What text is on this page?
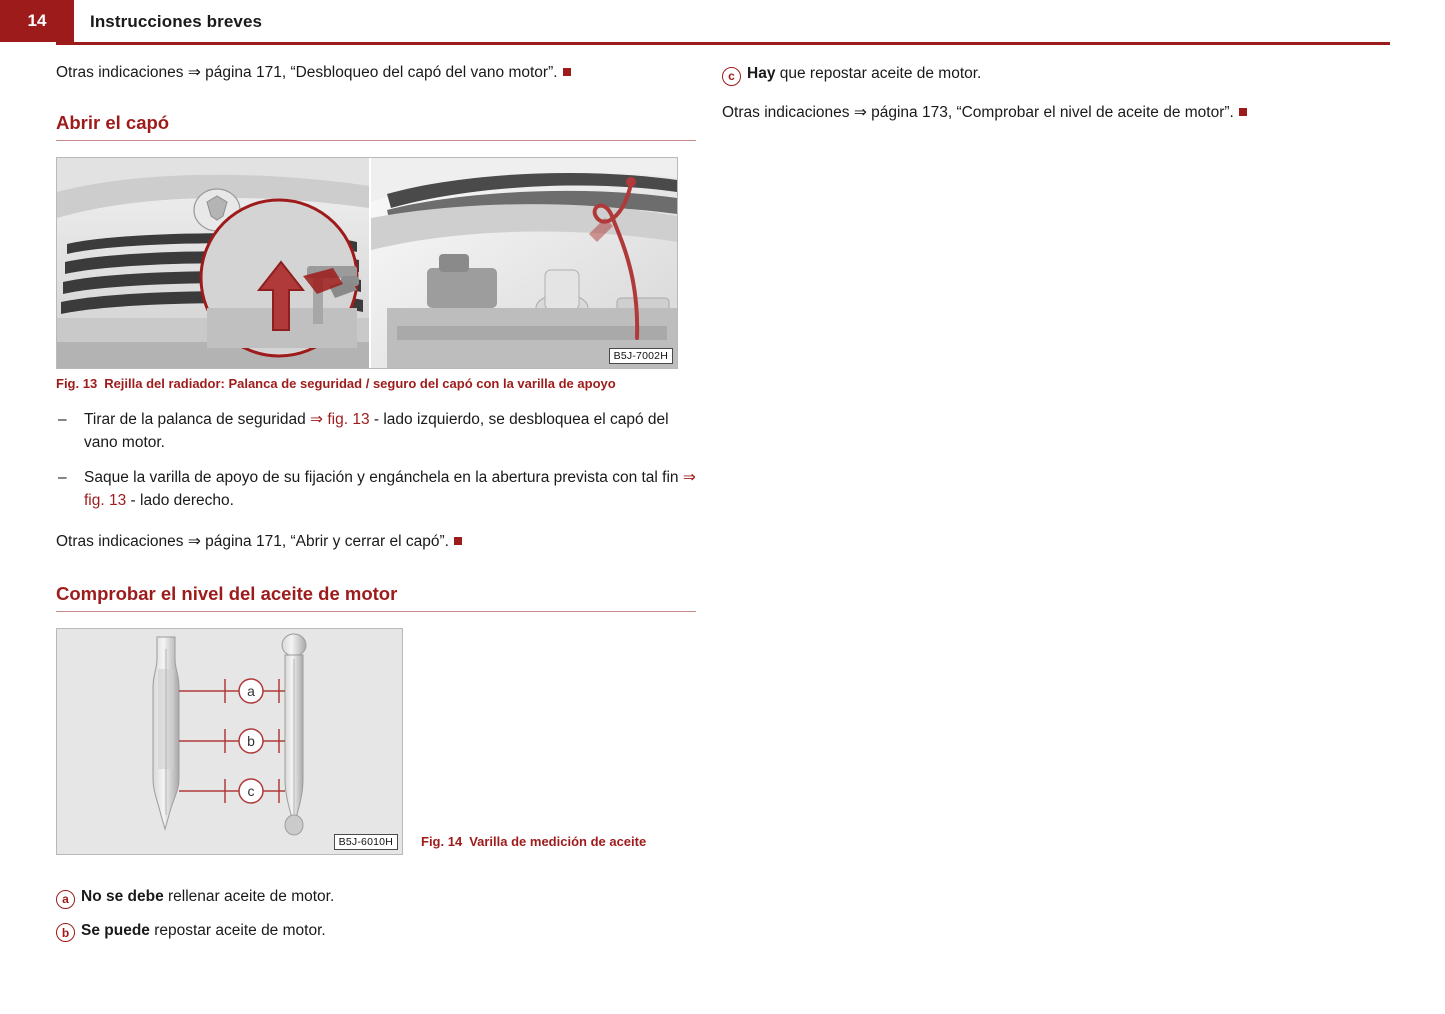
14	Instrucciones breves

Otras indicaciones ⇒ página 171, “Desbloqueo del capó del vano motor”.

Abrir el capó
B5J-7002H
Fig. 13 Rejilla del radiador: Palanca de seguridad / seguro del capó con la varilla de apoyo
– Tirar de la palanca de seguridad ⇒ fig. 13 - lado izquierdo, se desbloquea el capó del vano motor.
– Saque la varilla de apoyo de su fijación y engánchela en la abertura prevista con tal fin ⇒ fig. 13 - lado derecho.

Otras indicaciones ⇒ página 171, “Abrir y cerrar el capó”.

Comprobar el nivel del aceite de motor
a
b
c
B5J-6010H	Fig. 14 Varilla de medición de aceite
a No se debe rellenar aceite de motor.
b Se puede repostar aceite de motor.
c Hay que repostar aceite de motor.

Otras indicaciones ⇒ página 173, “Comprobar el nivel de aceite de motor”.
